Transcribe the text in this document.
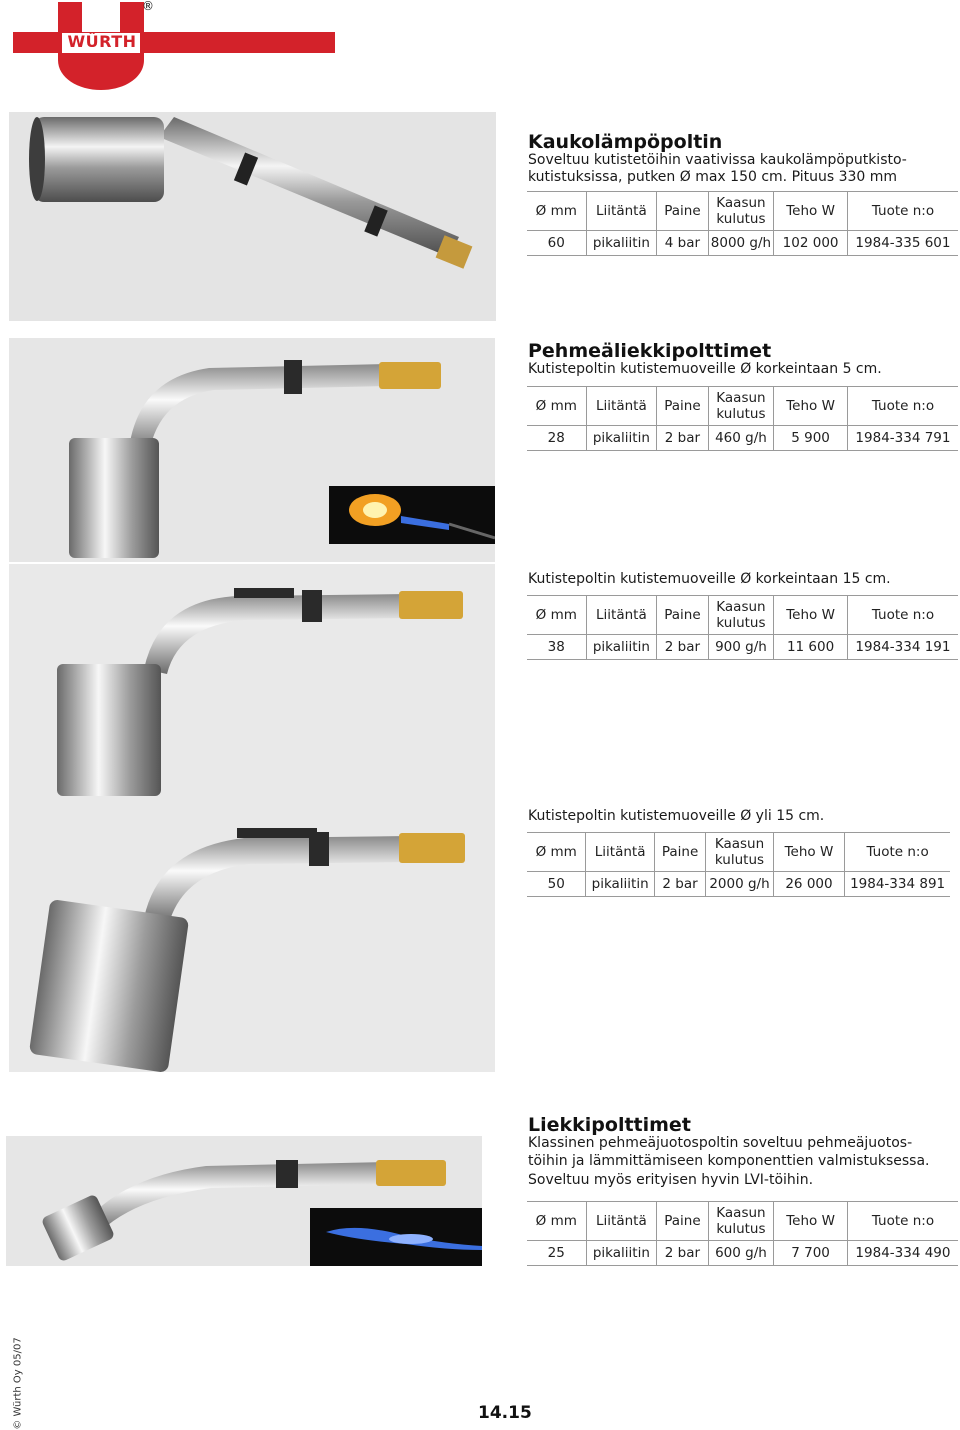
WÜRTH
®
Kaukolämpöpoltin
Soveltuu kutistetöihin vaativissa kaukolämpöputkisto-
kutistuksissa, putken Ø max 150 cm. Pituus 330 mm
Ø mm	Liitäntä	Paine	Kaasun kulutus	Teho W	Tuote n:o
60	pikaliitin	4 bar	8000 g/h	102 000	1984-335 601
Pehmeäliekkipolttimet
Kutistepoltin kutistemuoveille Ø korkeintaan 5 cm.
Ø mm	Liitäntä	Paine	Kaasun kulutus	Teho W	Tuote n:o
28	pikaliitin	2 bar	460 g/h	5 900	1984-334 791
Kutistepoltin kutistemuoveille Ø korkeintaan 15 cm.
Ø mm	Liitäntä	Paine	Kaasun kulutus	Teho W	Tuote n:o
38	pikaliitin	2 bar	900 g/h	11 600	1984-334 191
Kutistepoltin kutistemuoveille Ø yli 15 cm.
Ø mm	Liitäntä	Paine	Kaasun kulutus	Teho W	Tuote n:o
50	pikaliitin	2 bar	2000 g/h	26 000	1984-334 891
Liekkipolttimet
Klassinen pehmeäjuotospoltin soveltuu pehmeäjuotos-
töihin ja lämmittämiseen komponenttien valmistuksessa.
Soveltuu myös erityisen hyvin LVI-töihin.
Ø mm	Liitäntä	Paine	Kaasun kulutus	Teho W	Tuote n:o
25	pikaliitin	2 bar	600 g/h	7 700	1984-334 490
© Würth Oy 05/07	14.15
